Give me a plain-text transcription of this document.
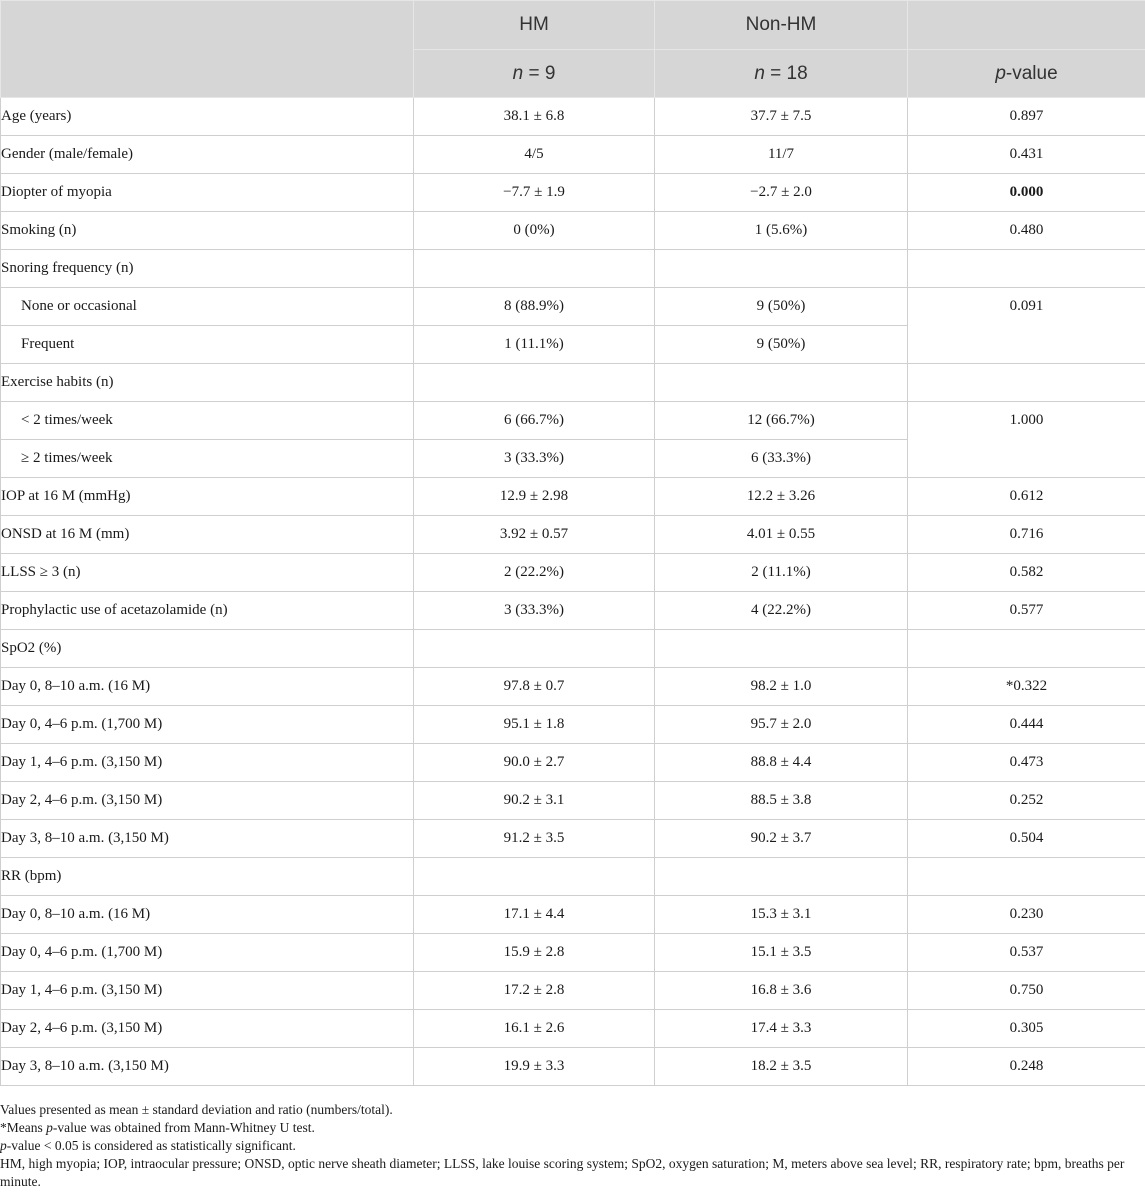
	HM	Non-HM	
	n = 9	n = 18	p-value
Age (years)	38.1 ± 6.8	37.7 ± 7.5	0.897
Gender (male/female)	4/5	11/7	0.431
Diopter of myopia	−7.7 ± 1.9	−2.7 ± 2.0	0.000
Smoking (n)	0 (0%)	1 (5.6%)	0.480
Snoring frequency (n)			
None or occasional	8 (88.9%)	9 (50%)	0.091
Frequent	1 (11.1%)	9 (50%)	
Exercise habits (n)			
< 2 times/week	6 (66.7%)	12 (66.7%)	1.000
≥ 2 times/week	3 (33.3%)	6 (33.3%)	
IOP at 16 M (mmHg)	12.9 ± 2.98	12.2 ± 3.26	0.612
ONSD at 16 M (mm)	3.92 ± 0.57	4.01 ± 0.55	0.716
LLSS ≥ 3 (n)	2 (22.2%)	2 (11.1%)	0.582
Prophylactic use of acetazolamide (n)	3 (33.3%)	4 (22.2%)	0.577
SpO2 (%)			
Day 0, 8–10 a.m. (16 M)	97.8 ± 0.7	98.2 ± 1.0	*0.322
Day 0, 4–6 p.m. (1,700 M)	95.1 ± 1.8	95.7 ± 2.0	0.444
Day 1, 4–6 p.m. (3,150 M)	90.0 ± 2.7	88.8 ± 4.4	0.473
Day 2, 4–6 p.m. (3,150 M)	90.2 ± 3.1	88.5 ± 3.8	0.252
Day 3, 8–10 a.m. (3,150 M)	91.2 ± 3.5	90.2 ± 3.7	0.504
RR (bpm)			
Day 0, 8–10 a.m. (16 M)	17.1 ± 4.4	15.3 ± 3.1	0.230
Day 0, 4–6 p.m. (1,700 M)	15.9 ± 2.8	15.1 ± 3.5	0.537
Day 1, 4–6 p.m. (3,150 M)	17.2 ± 2.8	16.8 ± 3.6	0.750
Day 2, 4–6 p.m. (3,150 M)	16.1 ± 2.6	17.4 ± 3.3	0.305
Day 3, 8–10 a.m. (3,150 M)	19.9 ± 3.3	18.2 ± 3.5	0.248

Values presented as mean ± standard deviation and ratio (numbers/total).

*Means p-value was obtained from Mann-Whitney U test.

p-value < 0.05 is considered as statistically significant.

HM, high myopia; IOP, intraocular pressure; ONSD, optic nerve sheath diameter; LLSS, lake louise scoring system; SpO2, oxygen saturation; M, meters above sea level; RR, respiratory rate; bpm, breaths per minute.
